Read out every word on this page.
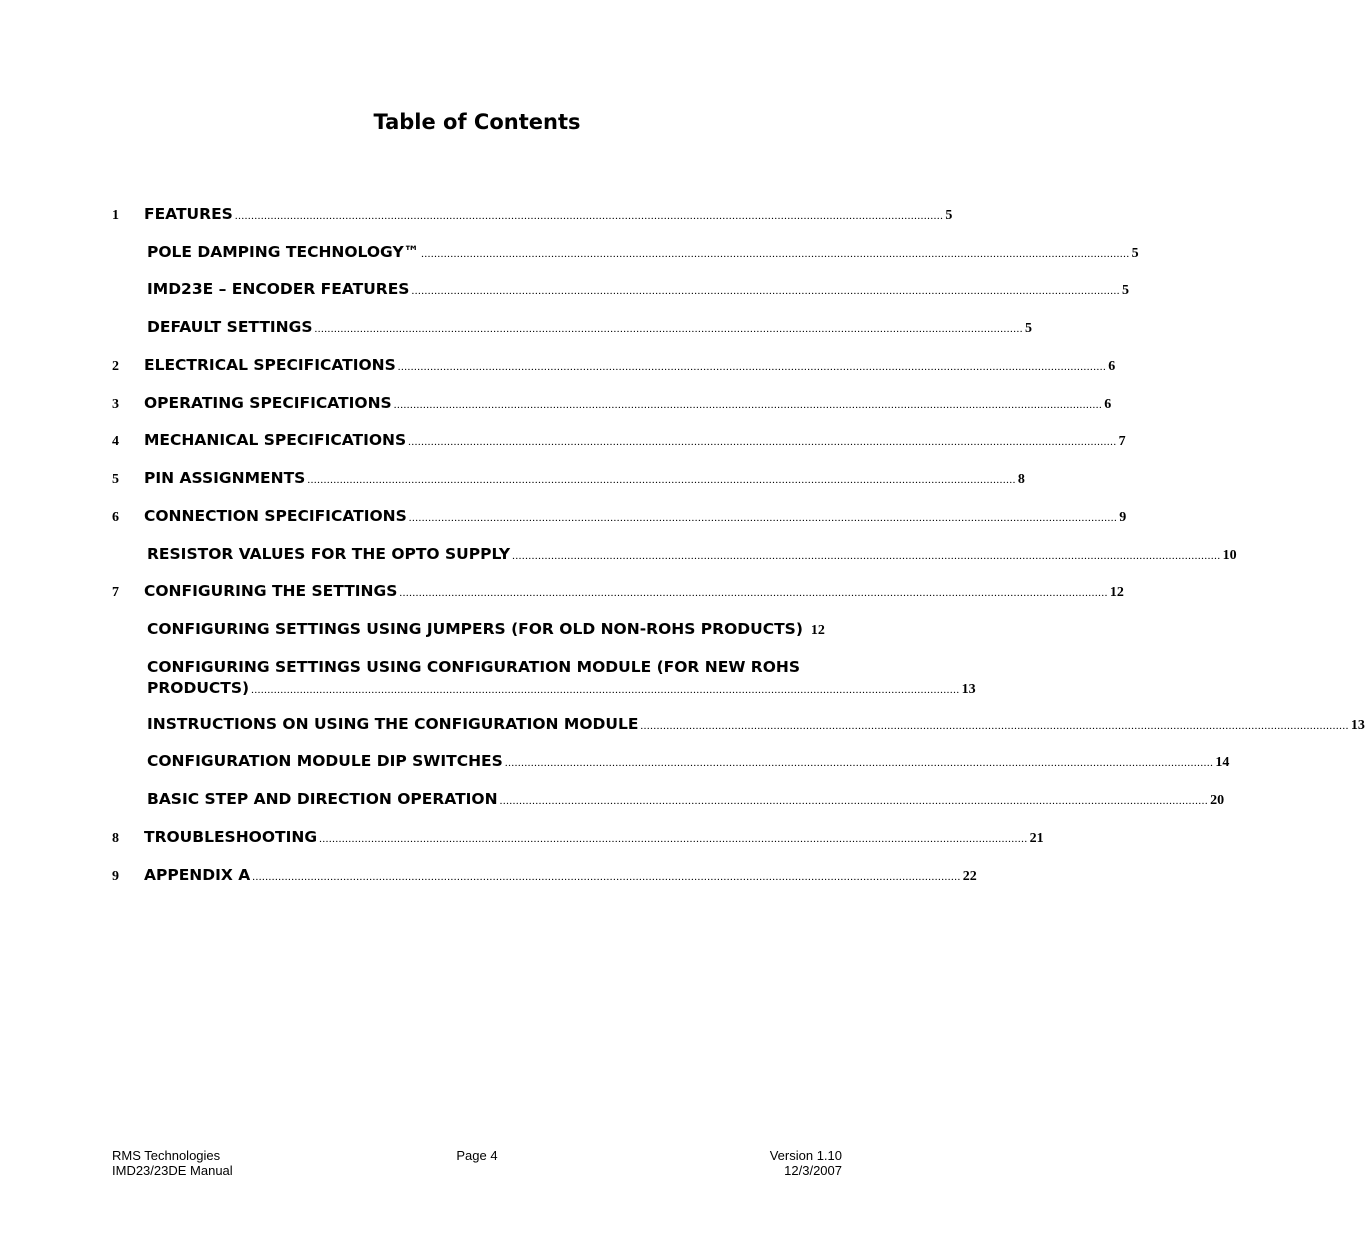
Table of Contents
1	FEATURES .......................................................................................................................................................................................................................... 5
POLE DAMPING TECHNOLOGY™ .......................................................................................................................................................................................................................... 5
IMD23E – ENCODER FEATURES .......................................................................................................................................................................................................................... 5
DEFAULT SETTINGS .......................................................................................................................................................................................................................... 5
2	ELECTRICAL SPECIFICATIONS .......................................................................................................................................................................................................................... 6
3	OPERATING SPECIFICATIONS .......................................................................................................................................................................................................................... 6
4	MECHANICAL SPECIFICATIONS .......................................................................................................................................................................................................................... 7
5	PIN ASSIGNMENTS .......................................................................................................................................................................................................................... 8
6	CONNECTION SPECIFICATIONS .......................................................................................................................................................................................................................... 9
RESISTOR VALUES FOR THE OPTO SUPPLY .......................................................................................................................................................................................................................... 10
7	CONFIGURING THE SETTINGS .......................................................................................................................................................................................................................... 12
CONFIGURING SETTINGS USING JUMPERS (FOR OLD NON-ROHS PRODUCTS) 12
CONFIGURING SETTINGS USING CONFIGURATION MODULE (FOR NEW ROHS
PRODUCTS) .......................................................................................................................................................................................................................... 13
INSTRUCTIONS ON USING THE CONFIGURATION MODULE .......................................................................................................................................................................................................................... 13
CONFIGURATION MODULE DIP SWITCHES .......................................................................................................................................................................................................................... 14
BASIC STEP AND DIRECTION OPERATION .......................................................................................................................................................................................................................... 20
8	TROUBLESHOOTING .......................................................................................................................................................................................................................... 21
9	APPENDIX A .......................................................................................................................................................................................................................... 22
RMS Technologies
IMD23/23DE Manual
Page 4	Version 1.10
12/3/2007
